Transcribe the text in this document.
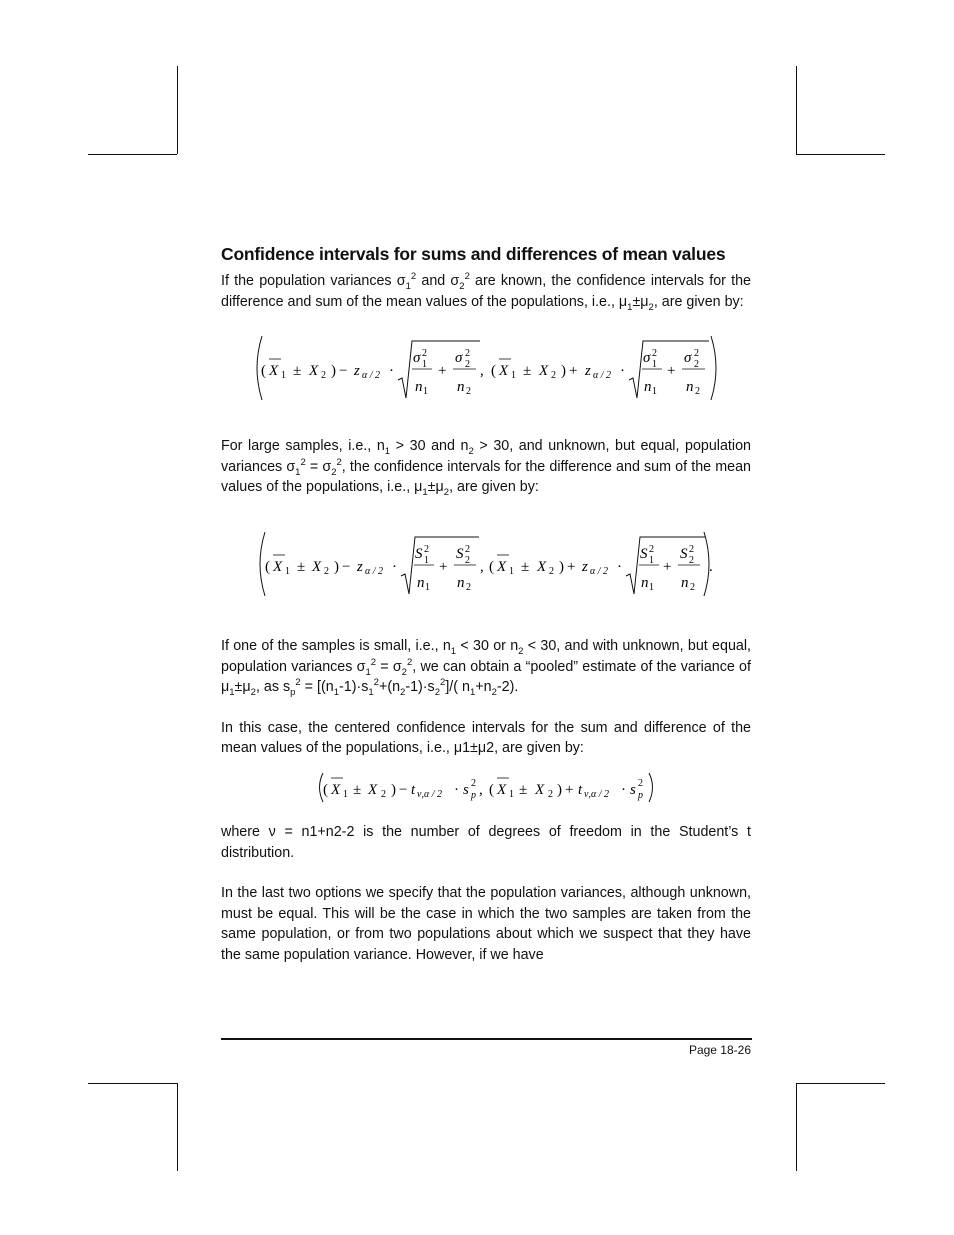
Confidence intervals for sums and differences of mean values

If the population variances $\sigma_1^2$ and $\sigma_2^2$ are known, the confidence intervals for the difference and sum of the mean values of the populations, i.e., $\mu_1\pm\mu_2$, are given by:

( X 1 ± X 2 ) − z α / 2 ·
σ 2
1
n 1
+
σ 2
2
n 2
, ( X 1 ± X 2 ) + z α / 2 ·
σ 2
1
n 1
+
σ 2
2
n 2

For large samples, i.e., $n_1 > 30$ and $n_2 > 30$, and unknown, but equal, population variances $\sigma_1^2 = \sigma_2^2$, the confidence intervals for the difference and sum of the mean values of the populations, i.e., $\mu_1\pm\mu_2$, are given by:

( X 1 ± X 2 ) − z α / 2 ·
S 2
1
n 1
+
S 2
2
n 2
, ( X 1 ± X 2 ) + z α / 2 ·
S 2
1
n 1
+
S 2
2
n 2
.

If one of the samples is small, i.e., $n_1 < 30$ or $n_2 < 30$, and with unknown, but equal, population variances $\sigma_1^2 = \sigma_2^2$, we can obtain a “pooled” estimate of the variance of $\mu_1\pm\mu_2$, as $s_p^2 = [(n_1-1)\cdot s_1^2+(n_2-1)\cdot s_2^2]/$( $n_1+n_2-2$).

In this case, the centered confidence intervals for the sum and difference of the mean values of the populations, i.e., μ1±μ2, are given by:

( X 1 ± X 2 ) − t ν,α / 2 · s 2
p , ( X 1 ± X 2 ) + t ν,α / 2 · s 2
p

where ν = n1+n2-2 is the number of degrees of freedom in the Student’s t distribution.

In the last two options we specify that the population variances, although unknown, must be equal. This will be the case in which the two samples are taken from the same population, or from two populations about which we suspect that they have the same population variance. However, if we have

Page 18-26
